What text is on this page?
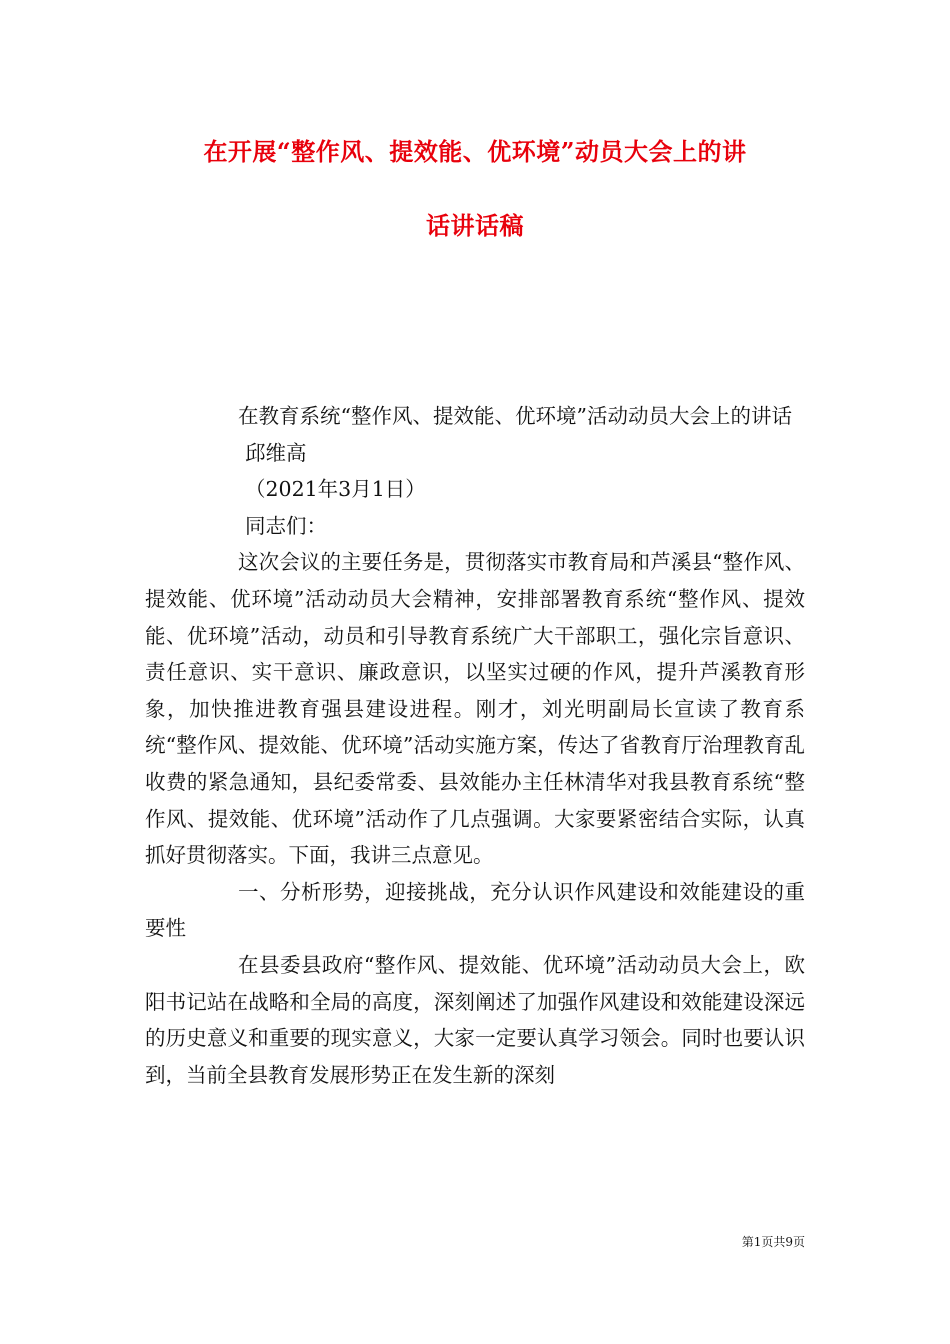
在开展“整作风、提效能、优环境”动员大会上的讲
话讲话稿

在教育系统“整作风、提效能、优环境”活动动员大会上的讲话

邱维高

（2021年3月1日）

同志们：

这次会议的主要任务是，贯彻落实市教育局和芦溪县“整作风、提效能、优环境”活动动员大会精神，安排部署教育系统“整作风、提效能、优环境”活动，动员和引导教育系统广大干部职工，强化宗旨意识、责任意识、实干意识、廉政意识，以坚实过硬的作风，提升芦溪教育形象，加快推进教育强县建设进程。刚才，刘光明副局长宣读了教育系统“整作风、提效能、优环境”活动实施方案，传达了省教育厅治理教育乱收费的紧急通知，县纪委常委、县效能办主任林清华对我县教育系统“整作风、提效能、优环境”活动作了几点强调。大家要紧密结合实际，认真抓好贯彻落实。下面，我讲三点意见。

一、分析形势，迎接挑战，充分认识作风建设和效能建设的重要性

在县委县政府“整作风、提效能、优环境”活动动员大会上，欧阳书记站在战略和全局的高度，深刻阐述了加强作风建设和效能建设深远的历史意义和重要的现实意义，大家一定要认真学习领会。同时也要认识到，当前全县教育发展形势正在发生新的深刻

第1页共9页
